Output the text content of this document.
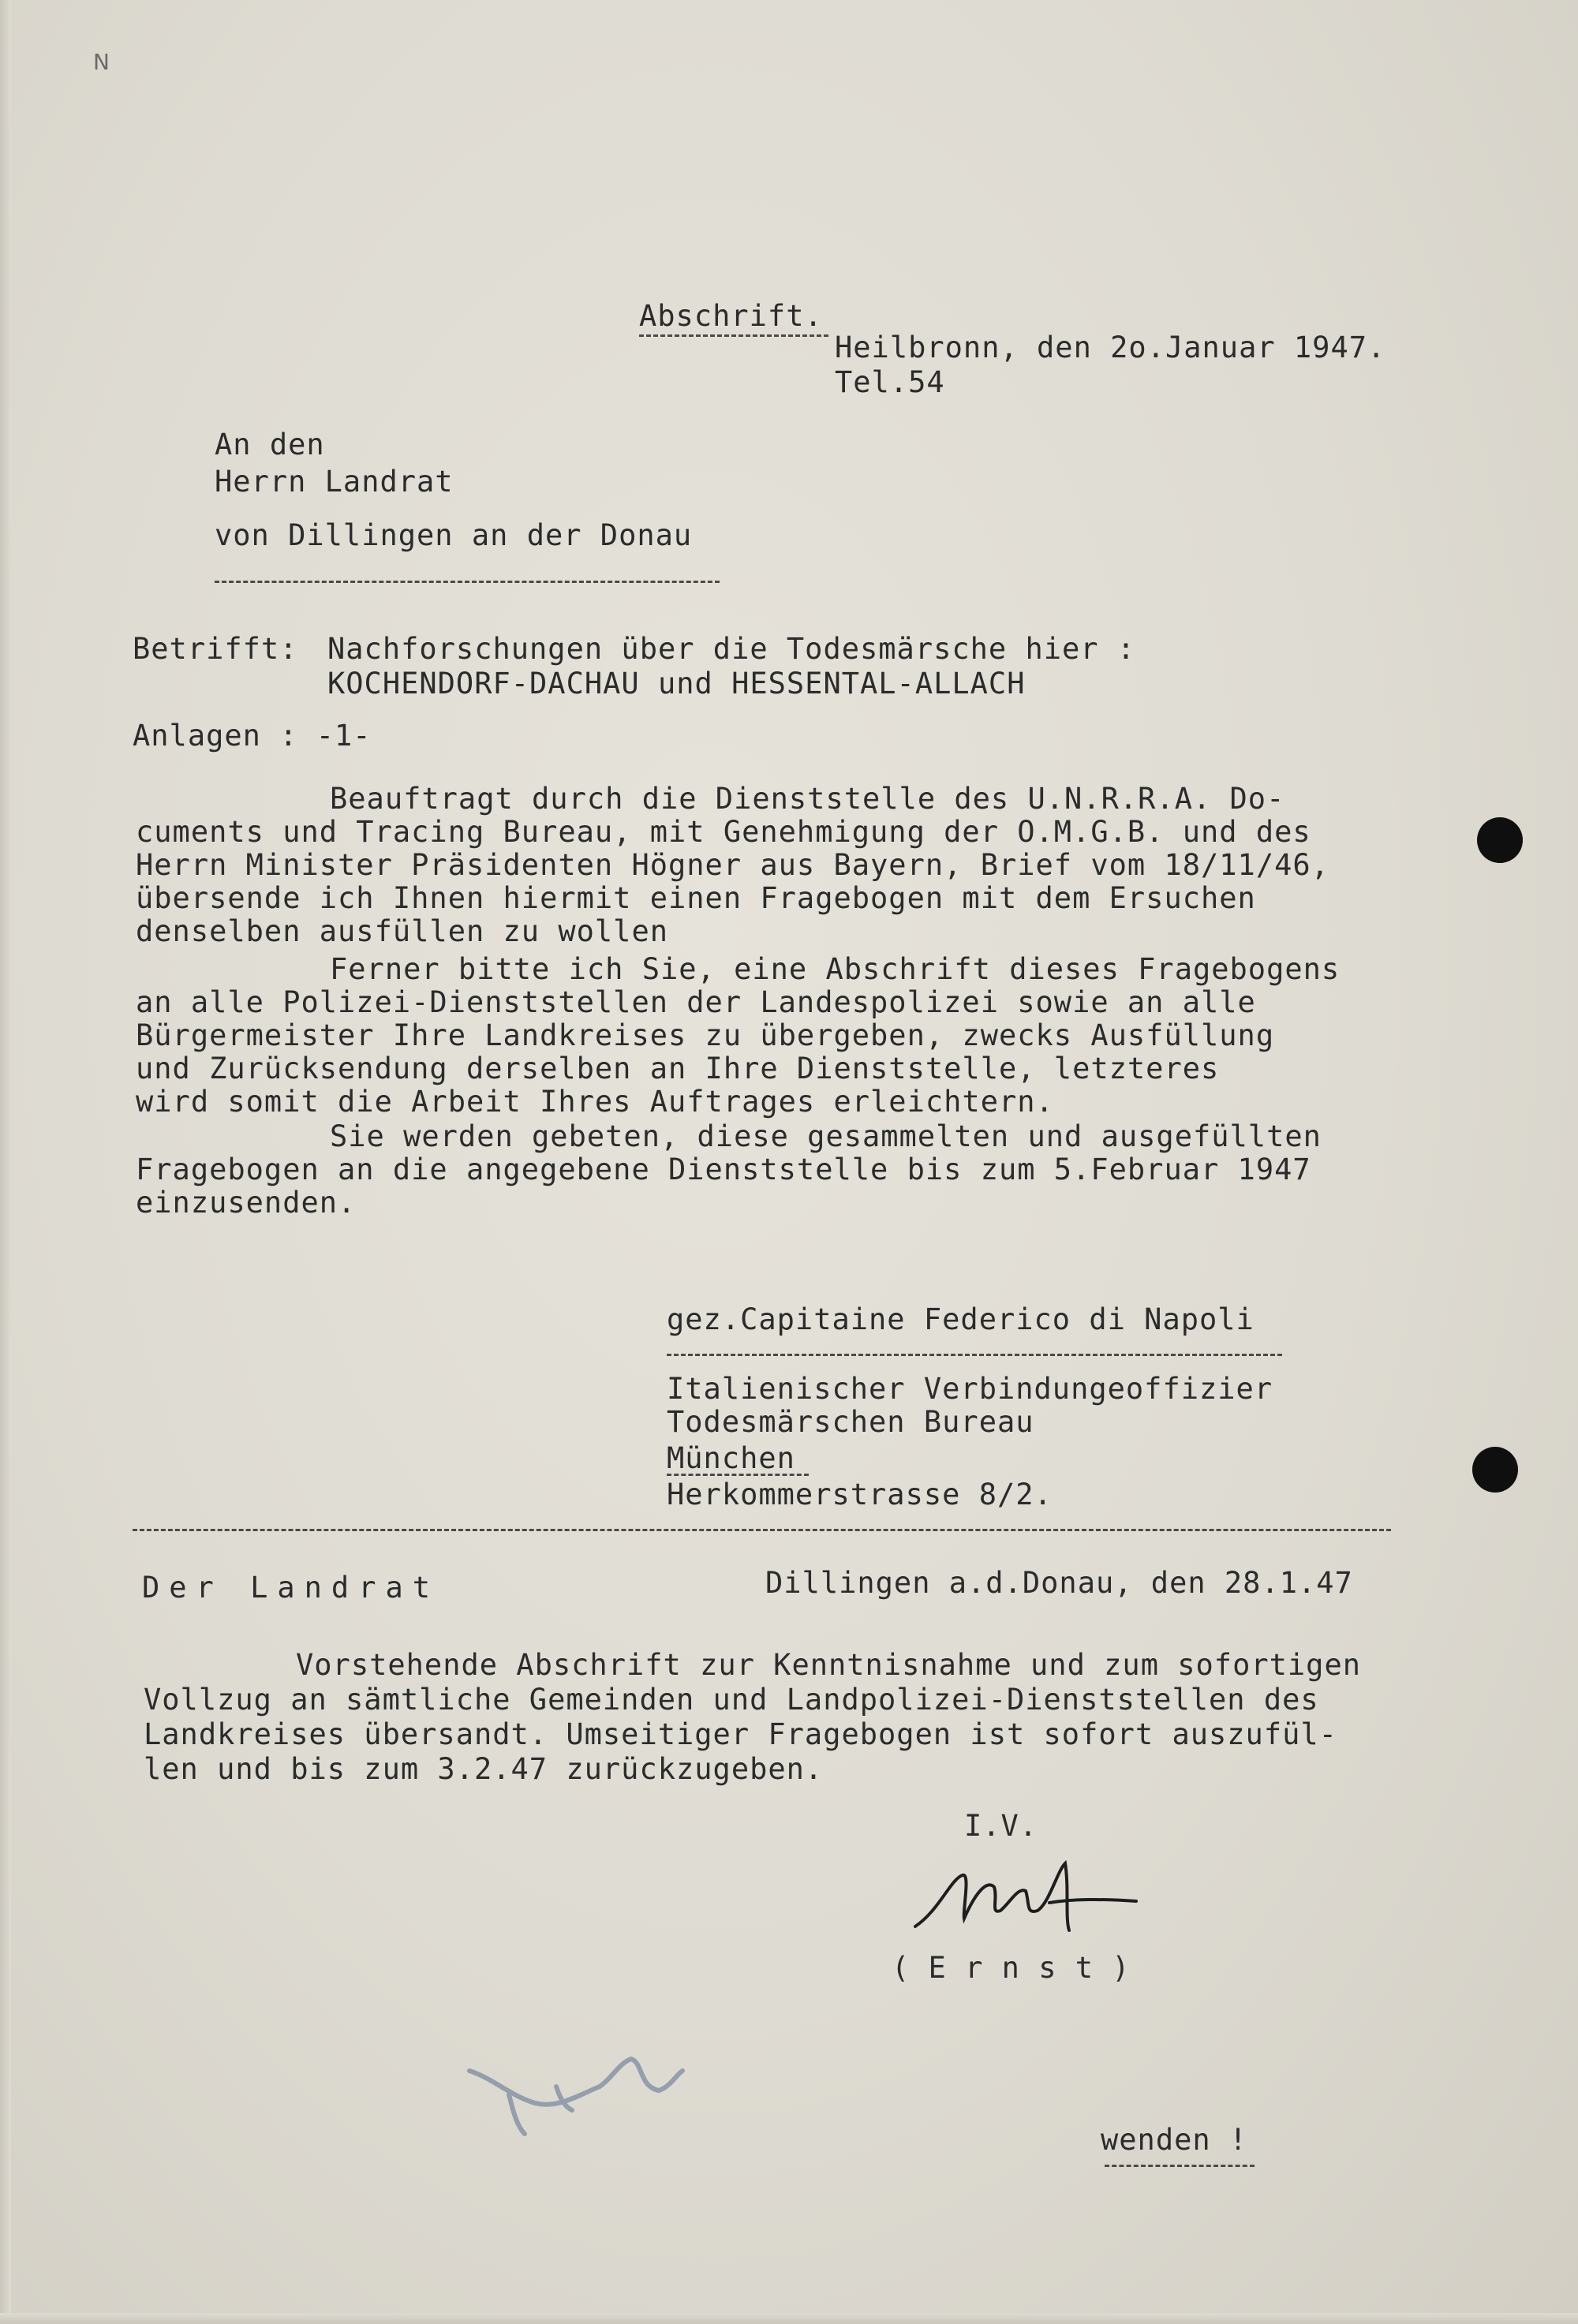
N
Abschrift.
Heilbronn, den 2o.Januar 1947.
Tel.54
An den
Herrn Landrat
von Dillingen an der Donau
Betrifft: Nachforschungen über die Todesmärsche hier :
KOCHENDORF-DACHAU und HESSENTAL-ALLACH
Anlagen : -1-
Beauftragt durch die Dienststelle des U.N.R.R.A. Do-
cuments und Tracing Bureau, mit Genehmigung der O.M.G.B. und des
Herrn Minister Präsidenten Högner aus Bayern, Brief vom 18/11/46,
übersende ich Ihnen hiermit einen Fragebogen mit dem Ersuchen
denselben ausfüllen zu wollen
Ferner bitte ich Sie, eine Abschrift dieses Fragebogens
an alle Polizei-Dienststellen der Landespolizei sowie an alle
Bürgermeister Ihre Landkreises zu übergeben, zwecks Ausfüllung
und Zurücksendung derselben an Ihre Dienststelle, letzteres
wird somit die Arbeit Ihres Auftrages erleichtern.
Sie werden gebeten, diese gesammelten und ausgefüllten
Fragebogen an die angegebene Dienststelle bis zum 5.Februar 1947
einzusenden.
gez.Capitaine Federico di Napoli
Italienischer Verbindungeoffizier
Todesmärschen Bureau
München
Herkommerstrasse 8/2.
Der Landrat	Dillingen a.d.Donau, den 28.1.47
Vorstehende Abschrift zur Kenntnisnahme und zum sofortigen
Vollzug an sämtliche Gemeinden und Landpolizei-Dienststellen des
Landkreises übersandt. Umseitiger Fragebogen ist sofort auszufül-
len und bis zum 3.2.47 zurückzugeben.
I.V.
( E r n s t )
wenden !
